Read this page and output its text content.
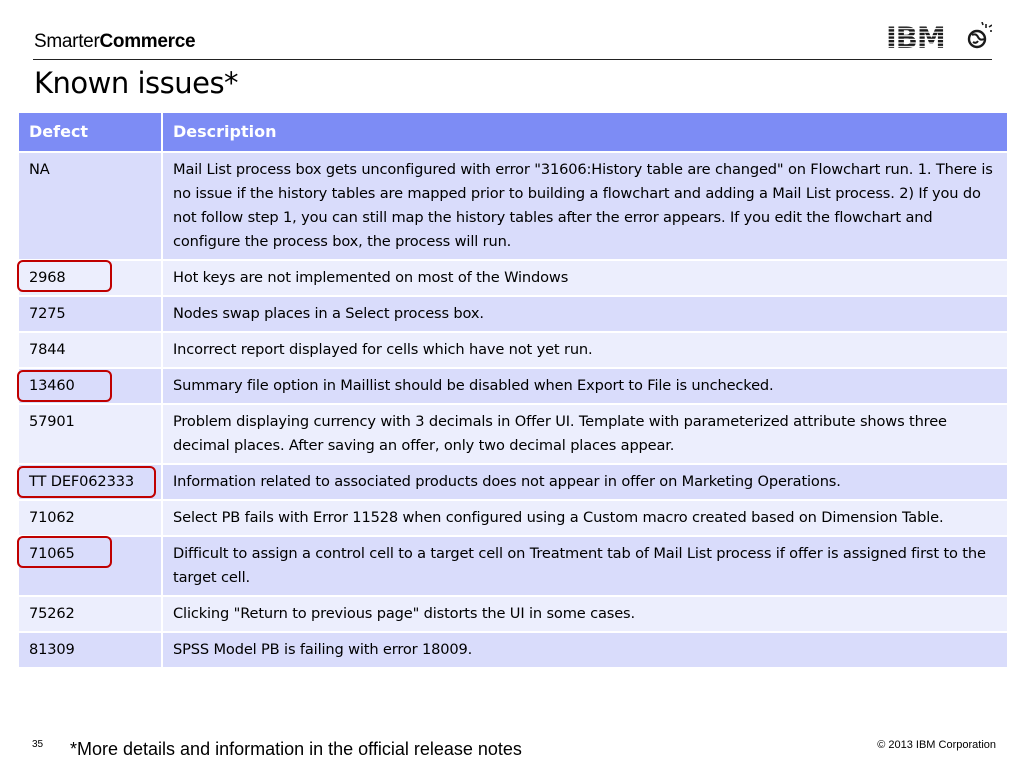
SmarterCommerce	IBM
Known issues*
Defect	Description
NA	Mail List process box gets unconfigured with error "31606:History table are changed" on Flowchart run. 1. There is no issue if the history tables are mapped prior to building a flowchart and adding a Mail List process. 2) If you do not follow step 1, you can still map the history tables after the error appears. If you edit the flowchart and configure the process box, the process will run.
2968	Hot keys are not implemented on most of the Windows
7275	Nodes swap places in a Select process box.
7844	Incorrect report displayed for cells which have not yet run.
13460	Summary file option in Maillist should be disabled when Export to File is unchecked.
57901	Problem displaying currency with 3 decimals in Offer UI. Template with parameterized attribute shows three decimal places. After saving an offer, only two decimal places appear.
TT DEF062333	Information related to associated products does not appear in offer on Marketing Operations.
71062	Select PB fails with Error 11528 when configured using a Custom macro created based on Dimension Table.
71065	Difficult to assign a control cell to a target cell on Treatment tab of Mail List process if offer is assigned first to the target cell.
75262	Clicking "Return to previous page" distorts the UI in some cases.
81309	SPSS Model PB is failing with error 18009.
35 *More details and information in the official release notes	© 2013 IBM Corporation
